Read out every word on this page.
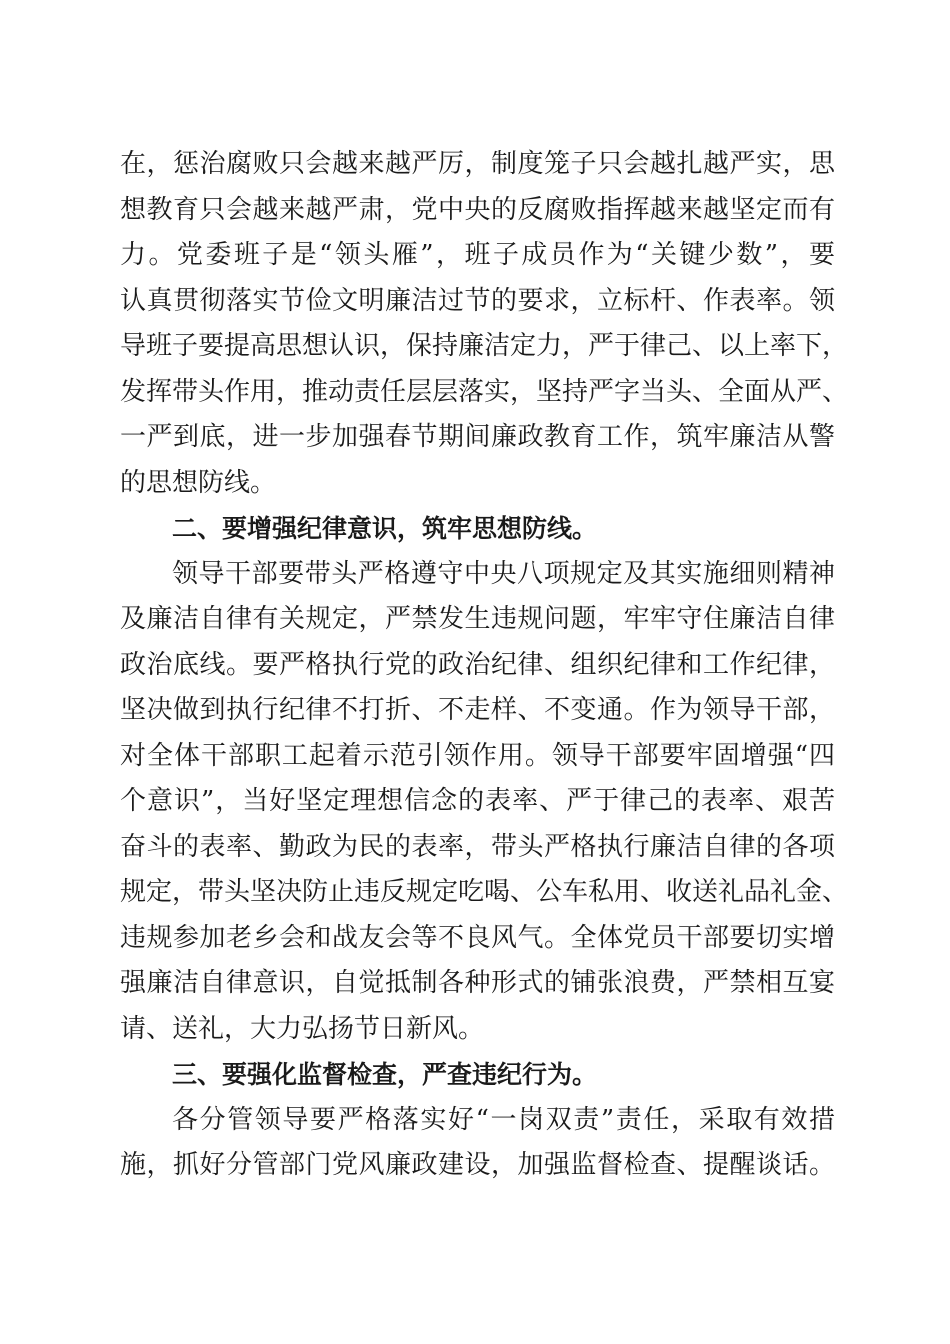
在，惩治腐败只会越来越严厉，制度笼子只会越扎越严实，思
想教育只会越来越严肃，党中央的反腐败指挥越来越坚定而有
力。党委班子是“领头雁”，班子成员作为“关键少数”，要
认真贯彻落实节俭文明廉洁过节的要求，立标杆、作表率。领
导班子要提高思想认识，保持廉洁定力，严于律己、以上率下，
发挥带头作用，推动责任层层落实，坚持严字当头、全面从严、
一严到底，进一步加强春节期间廉政教育工作，筑牢廉洁从警
的思想防线。
二、要增强纪律意识，筑牢思想防线。
领导干部要带头严格遵守中央八项规定及其实施细则精神
及廉洁自律有关规定，严禁发生违规问题，牢牢守住廉洁自律
政治底线。要严格执行党的政治纪律、组织纪律和工作纪律，
坚决做到执行纪律不打折、不走样、不变通。作为领导干部，
对全体干部职工起着示范引领作用。领导干部要牢固增强“四
个意识”，当好坚定理想信念的表率、严于律己的表率、艰苦
奋斗的表率、勤政为民的表率，带头严格执行廉洁自律的各项
规定，带头坚决防止违反规定吃喝、公车私用、收送礼品礼金、
违规参加老乡会和战友会等不良风气。全体党员干部要切实增
强廉洁自律意识，自觉抵制各种形式的铺张浪费，严禁相互宴
请、送礼，大力弘扬节日新风。
三、要强化监督检查，严查违纪行为。
各分管领导要严格落实好“一岗双责”责任，采取有效措
施，抓好分管部门党风廉政建设，加强监督检查、提醒谈话。
